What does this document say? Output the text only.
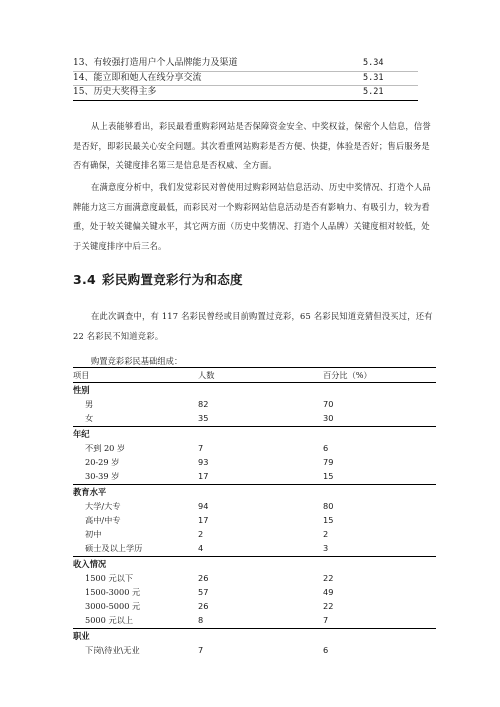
13、有较强打造用户个人品牌能力及渠道	5.34
14、能立即和她人在线分享交流	5.31
15、历史大奖得主多	5.21

从上表能够看出，彩民最看重购彩网站是否保障资金安全、中奖权益，保密个人信息，信誉是否好，即彩民最关心安全问题。其次看重网站购彩是否方便、快捷，体验是否好；售后服务是否有确保，关键度排名第三是信息是否权威、全方面。

在满意度分析中，我们发觉彩民对曾使用过购彩网站信息活动、历史中奖情况、打造个人品牌能力这三方面满意度最低，而彩民对一个购彩网站信息活动是否有影响力、有吸引力，较为看重，处于较关键偏关键水平，其它两方面（历史中奖情况、打造个人品牌）关键度相对较低，处于关键度排序中后三名。

3.4 彩民购置竞彩行为和态度

在此次调查中，有 117 名彩民曾经或目前购置过竞彩，65 名彩民知道竞猜但没买过，还有 22 名彩民不知道竞彩。

购置竞彩彩民基础组成：
项目	人数	百分比（%）
性别
男	82	70
女	35	30
年纪
不到 20 岁	7	6
20-29 岁	93	79
30-39 岁	17	15
教育水平
大学/大专	94	80
高中/中专	17	15
初中	2	2
硕士及以上学历	4	3
收入情况
1500 元以下	26	22
1500-3000 元	57	49
3000-5000 元	26	22
5000 元以上	8	7
职业
下岗\待业\无业	7	6
